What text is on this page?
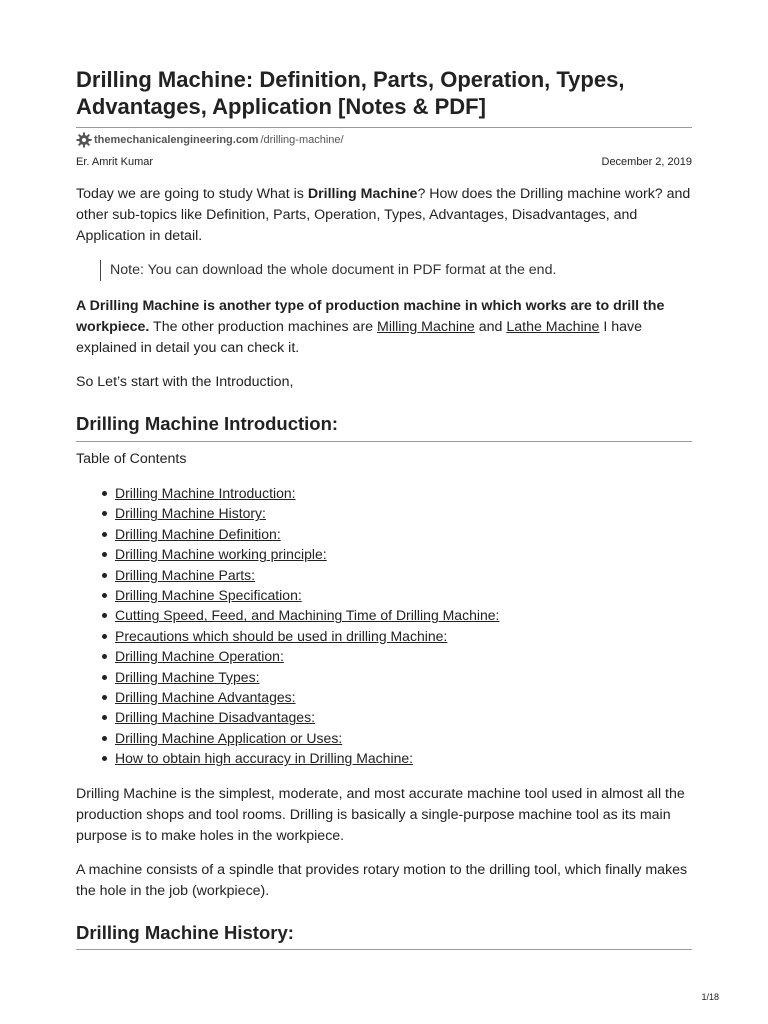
Drilling Machine: Definition, Parts, Operation, Types, Advantages, Application [Notes & PDF]
themechanicalengineering.com /drilling-machine/
Er. Amrit Kumar	December 2, 2019

Today we are going to study What is Drilling Machine? How does the Drilling machine work? and other sub-topics like Definition, Parts, Operation, Types, Advantages, Disadvantages, and Application in detail.

Note: You can download the whole document in PDF format at the end.

A Drilling Machine is another type of production machine in which works are to drill the workpiece. The other production machines are Milling Machine and Lathe Machine I have explained in detail you can check it.

So Let’s start with the Introduction,

Drilling Machine Introduction:

Table of Contents

Drilling Machine Introduction:
Drilling Machine History:
Drilling Machine Definition:
Drilling Machine working principle:
Drilling Machine Parts:
Drilling Machine Specification:
Cutting Speed, Feed, and Machining Time of Drilling Machine:
Precautions which should be used in drilling Machine:
Drilling Machine Operation:
Drilling Machine Types:
Drilling Machine Advantages:
Drilling Machine Disadvantages:
Drilling Machine Application or Uses:
How to obtain high accuracy in Drilling Machine:

Drilling Machine is the simplest, moderate, and most accurate machine tool used in almost all the production shops and tool rooms. Drilling is basically a single-purpose machine tool as its main purpose is to make holes in the workpiece.

A machine consists of a spindle that provides rotary motion to the drilling tool, which finally makes the hole in the job (workpiece).

Drilling Machine History:
1/18
